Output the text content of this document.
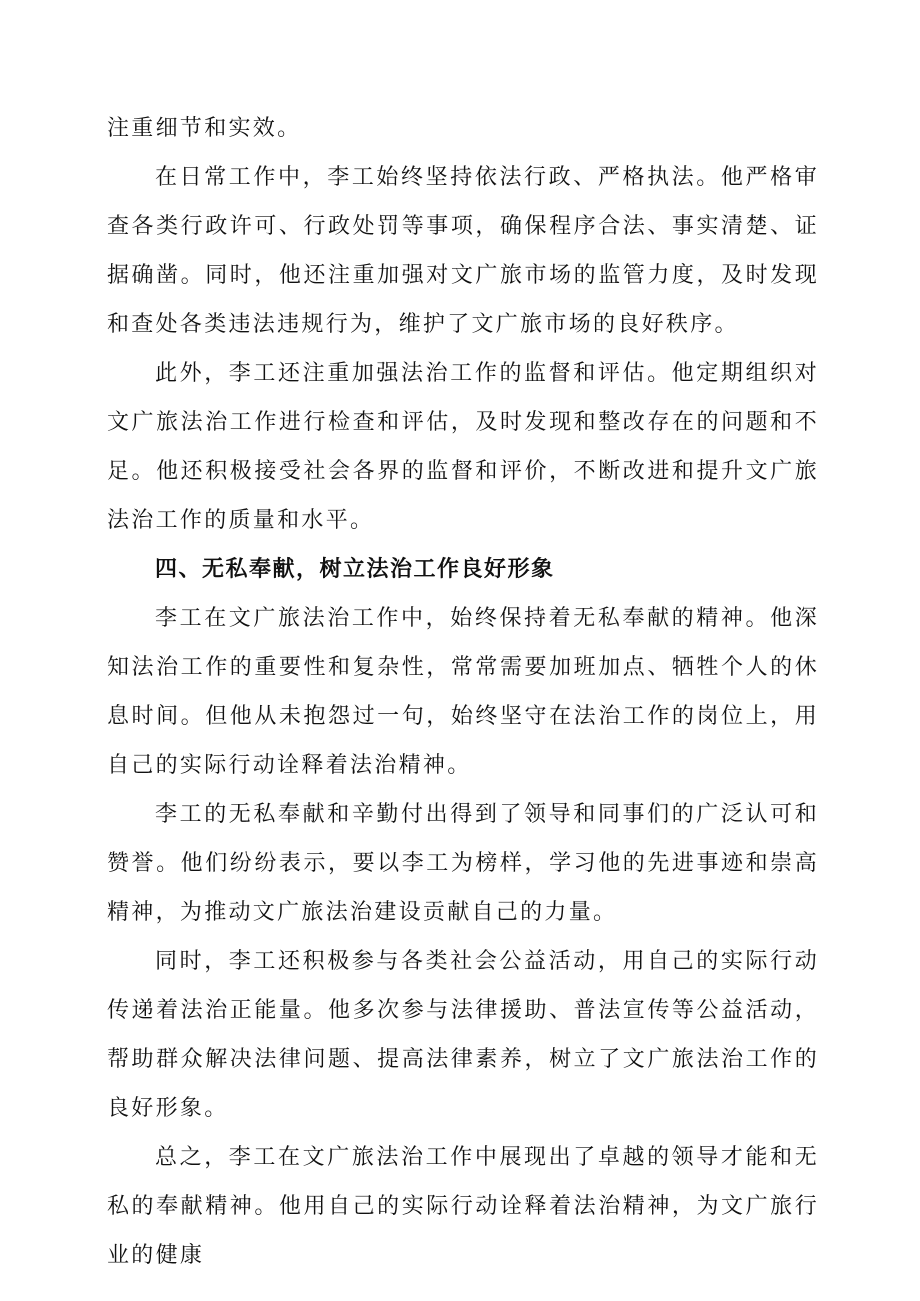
注重细节和实效。

在日常工作中，李工始终坚持依法行政、严格执法。他严格审查各类行政许可、行政处罚等事项，确保程序合法、事实清楚、证据确凿。同时，他还注重加强对文广旅市场的监管力度，及时发现和查处各类违法违规行为，维护了文广旅市场的良好秩序。

此外，李工还注重加强法治工作的监督和评估。他定期组织对文广旅法治工作进行检查和评估，及时发现和整改存在的问题和不足。他还积极接受社会各界的监督和评价，不断改进和提升文广旅法治工作的质量和水平。

四、无私奉献，树立法治工作良好形象

李工在文广旅法治工作中，始终保持着无私奉献的精神。他深知法治工作的重要性和复杂性，常常需要加班加点、牺牲个人的休息时间。但他从未抱怨过一句，始终坚守在法治工作的岗位上，用自己的实际行动诠释着法治精神。

李工的无私奉献和辛勤付出得到了领导和同事们的广泛认可和赞誉。他们纷纷表示，要以李工为榜样，学习他的先进事迹和崇高精神，为推动文广旅法治建设贡献自己的力量。

同时，李工还积极参与各类社会公益活动，用自己的实际行动传递着法治正能量。他多次参与法律援助、普法宣传等公益活动，帮助群众解决法律问题、提高法律素养，树立了文广旅法治工作的良好形象。

总之，李工在文广旅法治工作中展现出了卓越的领导才能和无私的奉献精神。他用自己的实际行动诠释着法治精神，为文广旅行业的健康
